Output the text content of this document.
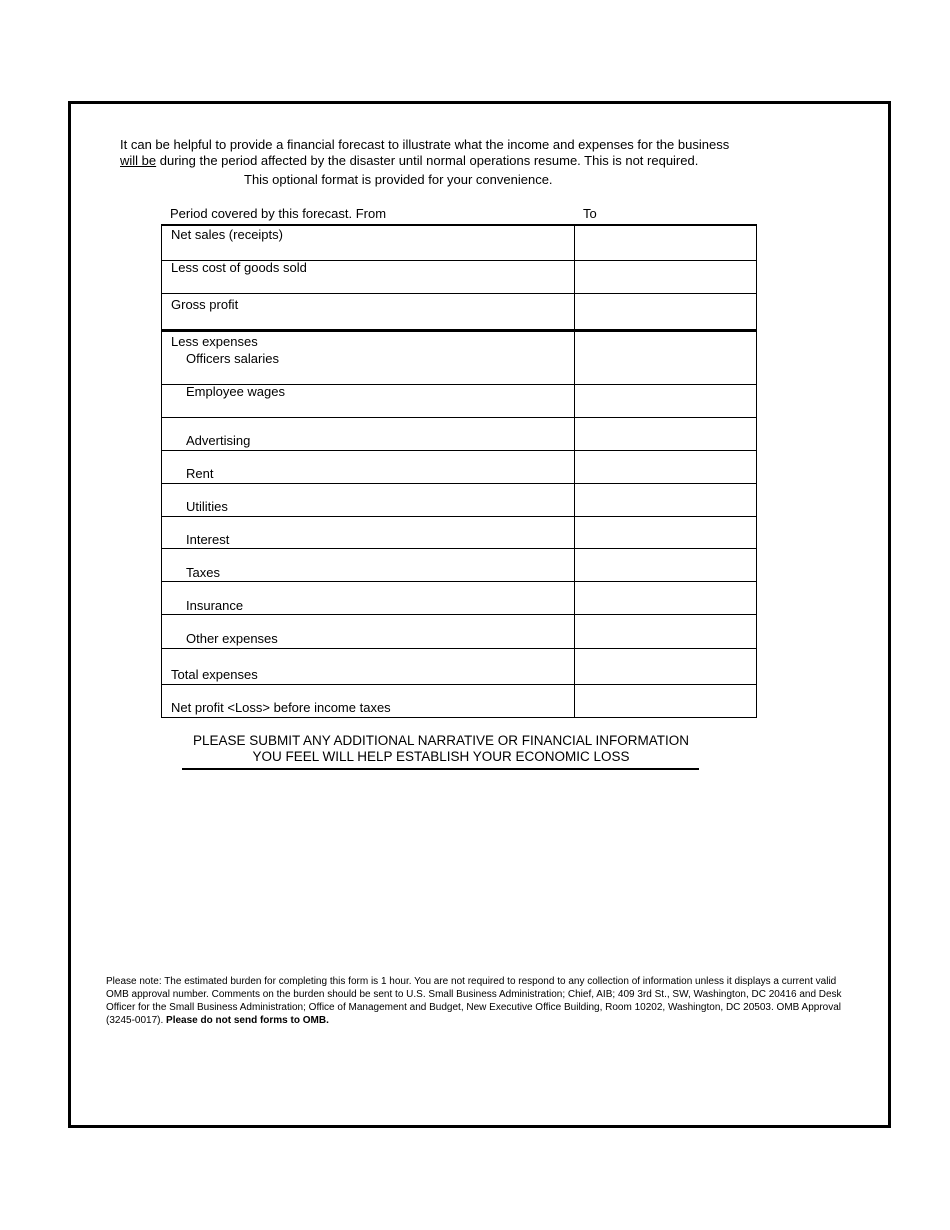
It can be helpful to provide a financial forecast to illustrate what the income and expenses for the business
will be during the period affected by the disaster until normal operations resume. This is not required.
This optional format is provided for your convenience.
Period covered by this forecast. From	To
Net sales (receipts)
Less cost of goods sold
Gross profit
Less expenses
Officers salaries
Employee wages
Advertising
Rent
Utilities
Interest
Taxes
Insurance
Other expenses
Total expenses
Net profit <Loss> before income taxes
PLEASE SUBMIT ANY ADDITIONAL NARRATIVE OR FINANCIAL INFORMATION
YOU FEEL WILL HELP ESTABLISH YOUR ECONOMIC LOSS
Please note: The estimated burden for completing this form is 1 hour. You are not required to respond to any collection of information unless it displays a current valid OMB approval number. Comments on the burden should be sent to U.S. Small Business Administration; Chief, AIB; 409 3rd St., SW, Washington, DC 20416 and Desk Officer for the Small Business Administration; Office of Management and Budget, New Executive Office Building, Room 10202, Washington, DC 20503. OMB Approval (3245-0017). Please do not send forms to OMB.
